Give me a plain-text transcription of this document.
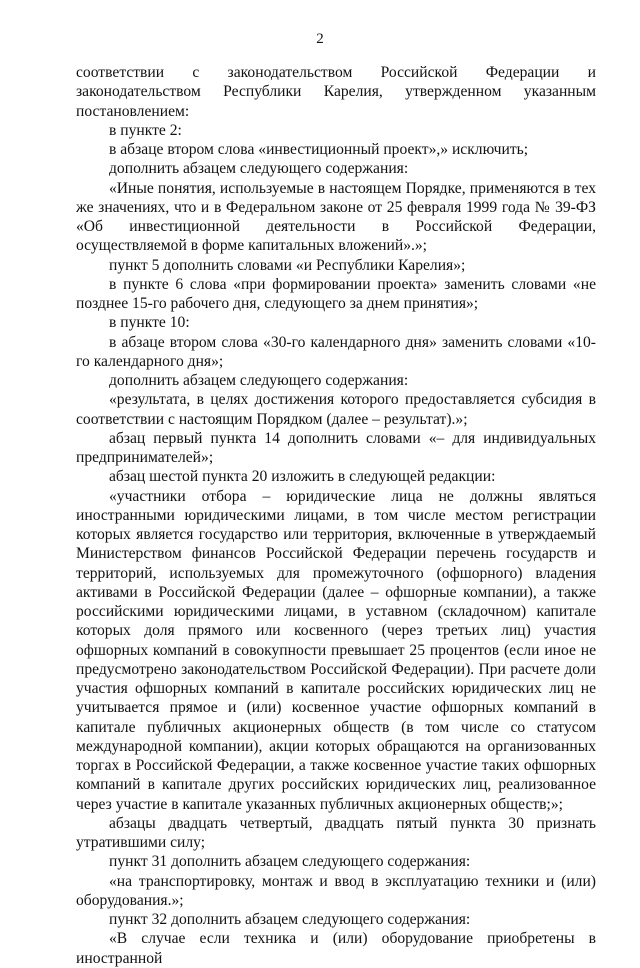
2

соответствии с законодательством Российской Федерации и законодательством Республики Карелия, утвержденном указанным постановлением:

в пункте 2:

в абзаце втором слова «инвестиционный проект»,» исключить;

дополнить абзацем следующего содержания:

«Иные понятия, используемые в настоящем Порядке, применяются в тех же значениях, что и в Федеральном законе от 25 февраля 1999 года № 39-ФЗ «Об инвестиционной деятельности в Российской Федерации, осуществляемой в форме капитальных вложений».»;

пункт 5 дополнить словами «и Республики Карелия»;

в пункте 6 слова «при формировании проекта» заменить словами «не позднее 15-го рабочего дня, следующего за днем принятия»;

в пункте 10:

в абзаце втором слова «30-го календарного дня» заменить словами «10-го календарного дня»;

дополнить абзацем следующего содержания:

«результата, в целях достижения которого предоставляется субсидия в соответствии с настоящим Порядком (далее – результат).»;

абзац первый пункта 14 дополнить словами «– для индивидуальных предпринимателей»;

абзац шестой пункта 20 изложить в следующей редакции:

«участники отбора – юридические лица не должны являться иностранными юридическими лицами, в том числе местом регистрации которых является государство или территория, включенные в утверждаемый Министерством финансов Российской Федерации перечень государств и территорий, используемых для промежуточного (офшорного) владения активами в Российской Федерации (далее – офшорные компании), а также российскими юридическими лицами, в уставном (складочном) капитале которых доля прямого или косвенного (через третьих лиц) участия офшорных компаний в совокупности превышает 25 процентов (если иное не предусмотрено законодательством Российской Федерации). При расчете доли участия офшорных компаний в капитале российских юридических лиц не учитывается прямое и (или) косвенное участие офшорных компаний в капитале публичных акционерных обществ (в том числе со статусом международной компании), акции которых обращаются на организованных торгах в Российской Федерации, а также косвенное участие таких офшорных компаний в капитале других российских юридических лиц, реализованное через участие в капитале указанных публичных акционерных обществ;»;

абзацы двадцать четвертый, двадцать пятый пункта 30 признать утратившими силу;

пункт 31 дополнить абзацем следующего содержания:

«на транспортировку, монтаж и ввод в эксплуатацию техники и (или) оборудования.»;

пункт 32 дополнить абзацем следующего содержания:

«В случае если техника и (или) оборудование приобретены в иностранной
